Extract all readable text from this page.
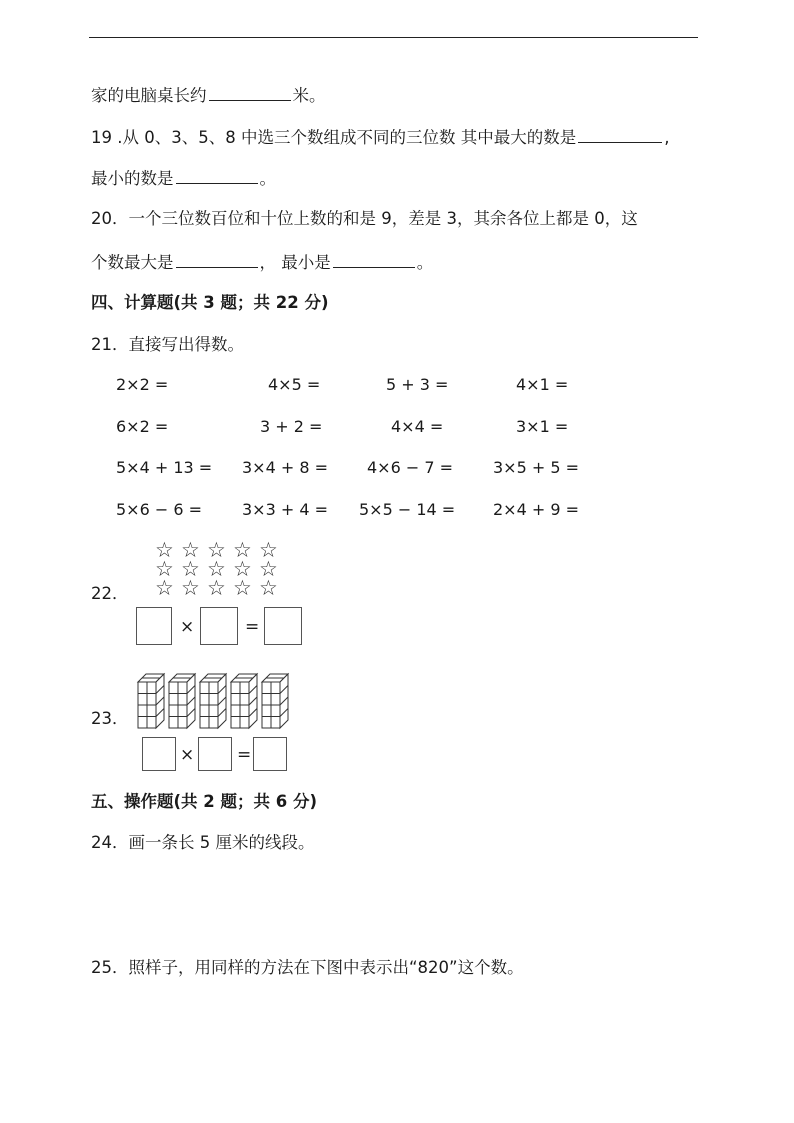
家的电脑桌长约	米。
19 .从 0、3、5、8 中选三个数组成不同的三位数 其中最大的数是	,
最小的数是	。
20．一个三位数百位和十位上数的和是 9，差是 3，其余各位上都是 0，这
个数最大是	， 最小是	。
四、计算题(共 3 题；共 22 分)
21．直接写出得数。
2×2 =	4×5 =	5 + 3 =	4×1 =
6×2 =	3 + 2 =	4×4 =	3×1 =
5×4 + 13 = 3×4 + 8 = 4×6 − 7 = 3×5 + 5 =
5×6 − 6 = 3×3 + 4 = 5×5 − 14 = 2×4 + 9 =
22．
☆ ☆ ☆ ☆ ☆
☆ ☆ ☆ ☆ ☆
☆ ☆ ☆ ☆ ☆
×	=
23．
×	=
五、操作题(共 2 题；共 6 分)
24．画一条长 5 厘米的线段。
25．照样子，用同样的方法在下图中表示出“820”这个数。
